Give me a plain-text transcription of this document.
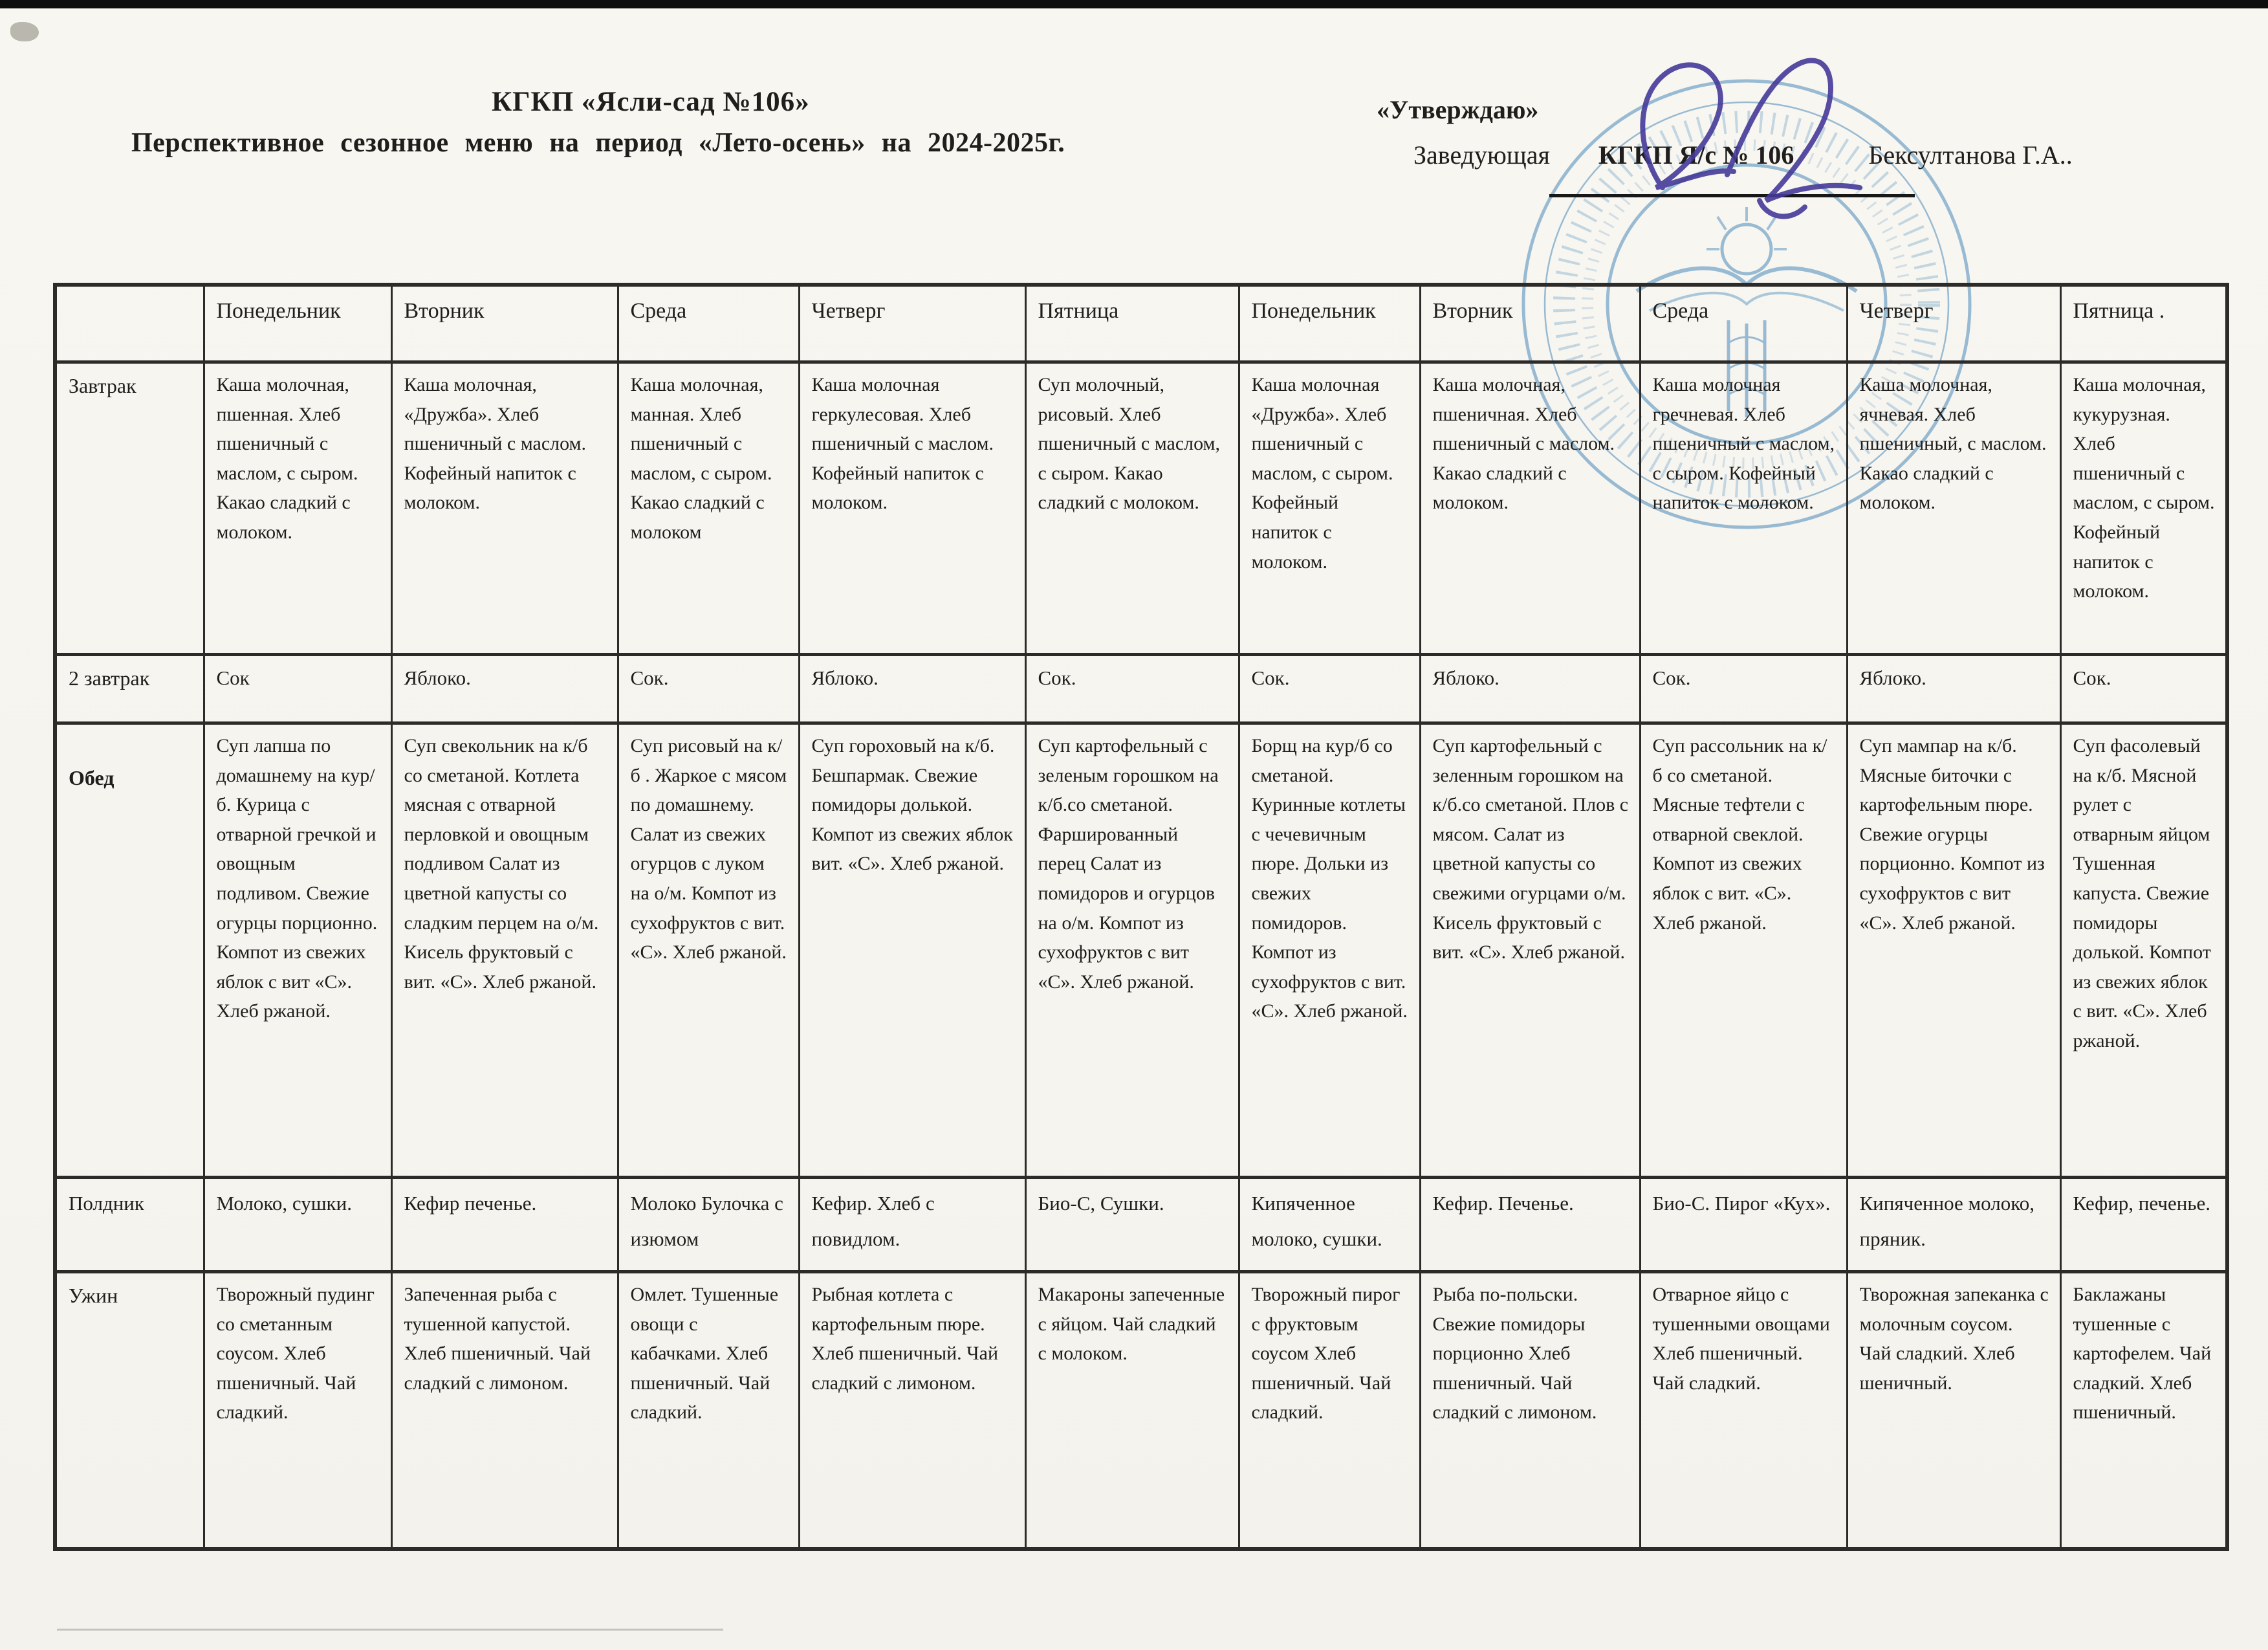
КГКП «Ясли-сад №106»
Перспективное сезонное меню на период «Лето-осень» на 2024-2025г.
«Утверждаю»
Заведующая КГКП Я/с № 106	Бексултанова Г.А..
	Понедельник	Вторник	Среда	Четверг	Пятница	Понедельник	Вторник	Среда	Четверг	Пятница .
Завтрак	Каша молочная, пшенная. Хлеб пшеничный с маслом, с сыром. Какао сладкий с молоком.	Каша молочная, «Дружба». Хлеб пшеничный с маслом. Кофейный напиток с молоком.	Каша молочная, манная. Хлеб пшеничный с маслом, с сыром. Какао сладкий с молоком	Каша молочная геркулесовая. Хлеб пшеничный с маслом. Кофейный напиток с молоком.	Суп молочный, рисовый. Хлеб пшеничный с маслом, с сыром. Какао сладкий с молоком.	Каша молочная «Дружба». Хлеб пшеничный с маслом, с сыром. Кофейный напиток с молоком.	Каша молочная, пшеничная. Хлеб пшеничный с маслом. Какао сладкий с молоком.	Каша молочная гречневая. Хлеб пшеничный с маслом, с сыром. Кофейный напиток с молоком.	Каша молочная, ячневая. Хлеб пшеничный, с маслом. Какао сладкий с молоком.	Каша молочная, кукурузная. Хлеб пшеничный с маслом, с сыром. Кофейный напиток с молоком.
2 завтрак	Сок	Яблоко.	Сок.	Яблоко.	Сок.	Сок.	Яблоко.	Сок.	Яблоко.	Сок.
Обед	Суп лапша по домашнему на кур/б. Курица с отварной гречкой и овощным подливом. Свежие огурцы порционно. Компот из свежих яблок с вит «С». Хлеб ржаной.	Суп свекольник на к/б со сметаной. Котлета мясная с отварной перловкой и овощным подливом Салат из цветной капусты со сладким перцем на о/м. Кисель фруктовый с вит. «С». Хлеб ржаной.	Суп рисовый на к/б . Жаркое с мясом по домашнему. Салат из свежих огурцов с луком на о/м. Компот из сухофруктов с вит. «С». Хлеб ржаной.	Суп гороховый на к/б. Бешпармак. Свежие помидоры долькой. Компот из свежих яблок вит. «С». Хлеб ржаной.	Суп картофельный с зеленым горошком на к/б.со сметаной. Фаршированный перец Салат из помидоров и огурцов на о/м. Компот из сухофруктов с вит «С». Хлеб ржаной.	Борщ на кур/б со сметаной. Куринные котлеты с чечевичным пюре. Дольки из свежих помидоров. Компот из сухофруктов с вит. «С». Хлеб ржаной.	Суп картофельный с зеленным горошком на к/б.со сметаной. Плов с мясом. Салат из цветной капусты со свежими огурцами о/м. Кисель фруктовый с вит. «С». Хлеб ржаной.	Суп рассольник на к/б со сметаной. Мясные тефтели с отварной свеклой. Компот из свежих яблок с вит. «С». Хлеб ржаной.	Суп мампар на к/б. Мясные биточки с картофельным пюре. Свежие огурцы порционно. Компот из сухофруктов с вит «С». Хлеб ржаной.	Суп фасолевый на к/б. Мясной рулет с отварным яйцом Тушенная капуста. Свежие помидоры долькой. Компот из свежих яблок с вит. «С». Хлеб ржаной.
Полдник	Молоко, сушки.	Кефир печенье.	Молоко Булочка с изюмом	Кефир. Хлеб с повидлом.	Био-С, Сушки.	Кипяченное молоко, сушки.	Кефир. Печенье.	Био-С. Пирог «Кух».	Кипяченное молоко, пряник.	Кефир, печенье.
Ужин	Творожный пудинг со сметанным соусом. Хлеб пшеничный. Чай сладкий.	Запеченная рыба с тушенной капустой. Хлеб пшеничный. Чай сладкий с лимоном.	Омлет. Тушенные овощи с кабачками. Хлеб пшеничный. Чай сладкий.	Рыбная котлета с картофельным пюре. Хлеб пшеничный. Чай сладкий с лимоном.	Макароны запеченные с яйцом. Чай сладкий с молоком.	Творожный пирог с фруктовым соусом Хлеб пшеничный. Чай сладкий.	Рыба по-польски. Свежие помидоры порционно Хлеб пшеничный. Чай сладкий с лимоном.	Отварное яйцо с тушенными овощами Хлеб пшеничный. Чай сладкий.	Творожная запеканка с молочным соусом. Чай сладкий. Хлеб шеничный.	Баклажаны тушенные с картофелем. Чай сладкий. Хлеб пшеничный.
